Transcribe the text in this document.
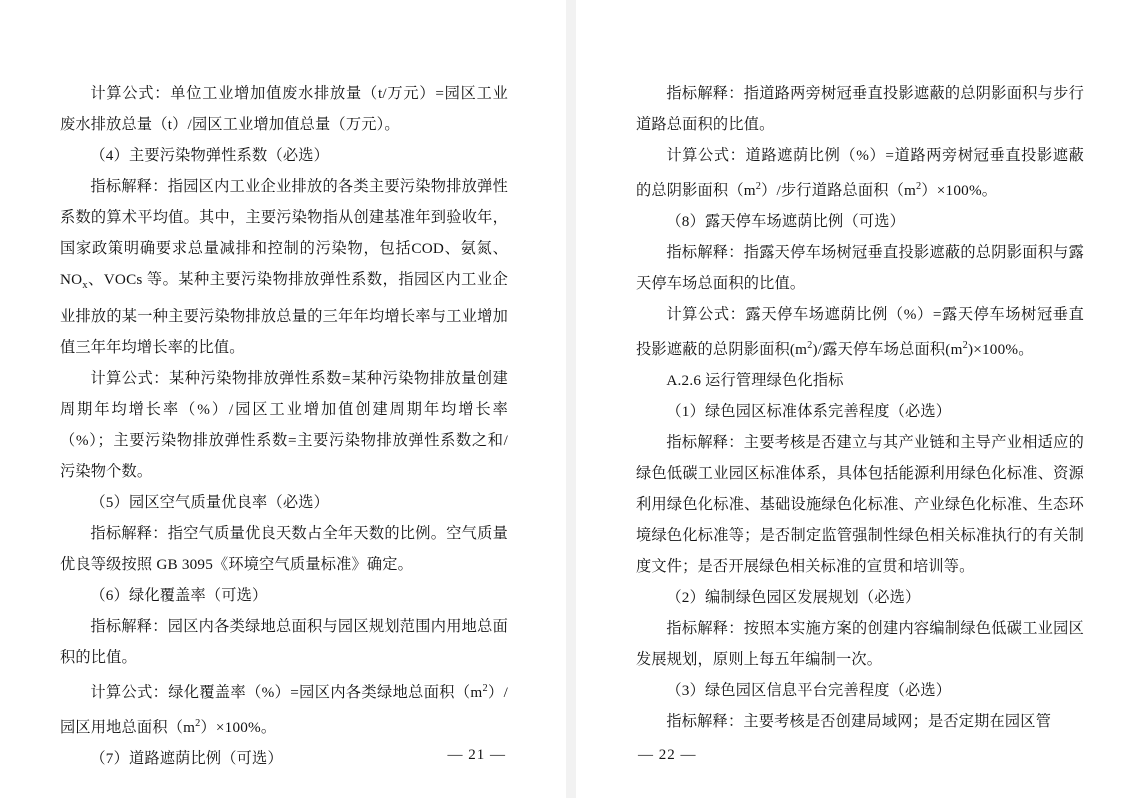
计算公式：单位工业增加值废水排放量（t/万元）=园区工业废水排放总量（t）/园区工业增加值总量（万元）。

（4）主要污染物弹性系数（必选）

指标解释：指园区内工业企业排放的各类主要污染物排放弹性系数的算术平均值。其中，主要污染物指从创建基准年到验收年，国家政策明确要求总量减排和控制的污染物，包括COD、氨氮、$NO_x$、VOCs 等。某种主要污染物排放弹性系数，指园区内工业企业排放的某一种主要污染物排放总量的三年年均增长率与工业增加值三年年均增长率的比值。

计算公式：某种污染物排放弹性系数=某种污染物排放量创建周期年均增长率（%）/园区工业增加值创建周期年均增长率（%）；主要污染物排放弹性系数=主要污染物排放弹性系数之和/污染物个数。

（5）园区空气质量优良率（必选）

指标解释：指空气质量优良天数占全年天数的比例。空气质量优良等级按照 GB 3095《环境空气质量标准》确定。

（6）绿化覆盖率（可选）

指标解释：园区内各类绿地总面积与园区规划范围内用地总面积的比值。

计算公式：绿化覆盖率（%）=园区内各类绿地总面积$(m^2)/$园区用地总面积$(m^2)\times 100\%$。

（7）道路遮荫比例（可选）	— 21 —

指标解释：指道路两旁树冠垂直投影遮蔽的总阴影面积与步行道路总面积的比值。

计算公式：道路遮荫比例（%）=道路两旁树冠垂直投影遮蔽的总阴影面积$(m^2)/$步行道路总面积$(m^2)\times 100\%$。

（8）露天停车场遮荫比例（可选）

指标解释：指露天停车场树冠垂直投影遮蔽的总阴影面积与露天停车场总面积的比值。

计算公式：露天停车场遮荫比例（%）=露天停车场树冠垂直投影遮蔽的总阴影面积$(m^2)/$露天停车场总面积$(m^2)\times 100\%$。

A.2.6 运行管理绿色化指标

（1）绿色园区标准体系完善程度（必选）

指标解释：主要考核是否建立与其产业链和主导产业相适应的绿色低碳工业园区标准体系，具体包括能源利用绿色化标准、资源利用绿色化标准、基础设施绿色化标准、产业绿色化标准、生态环境绿色化标准等；是否制定监管强制性绿色相关标准执行的有关制度文件；是否开展绿色相关标准的宣贯和培训等。

（2）编制绿色园区发展规划（必选）

指标解释：按照本实施方案的创建内容编制绿色低碳工业园区发展规划，原则上每五年编制一次。

（3）绿色园区信息平台完善程度（必选）

指标解释：主要考核是否创建局域网；是否定期在园区管

— 22 —
